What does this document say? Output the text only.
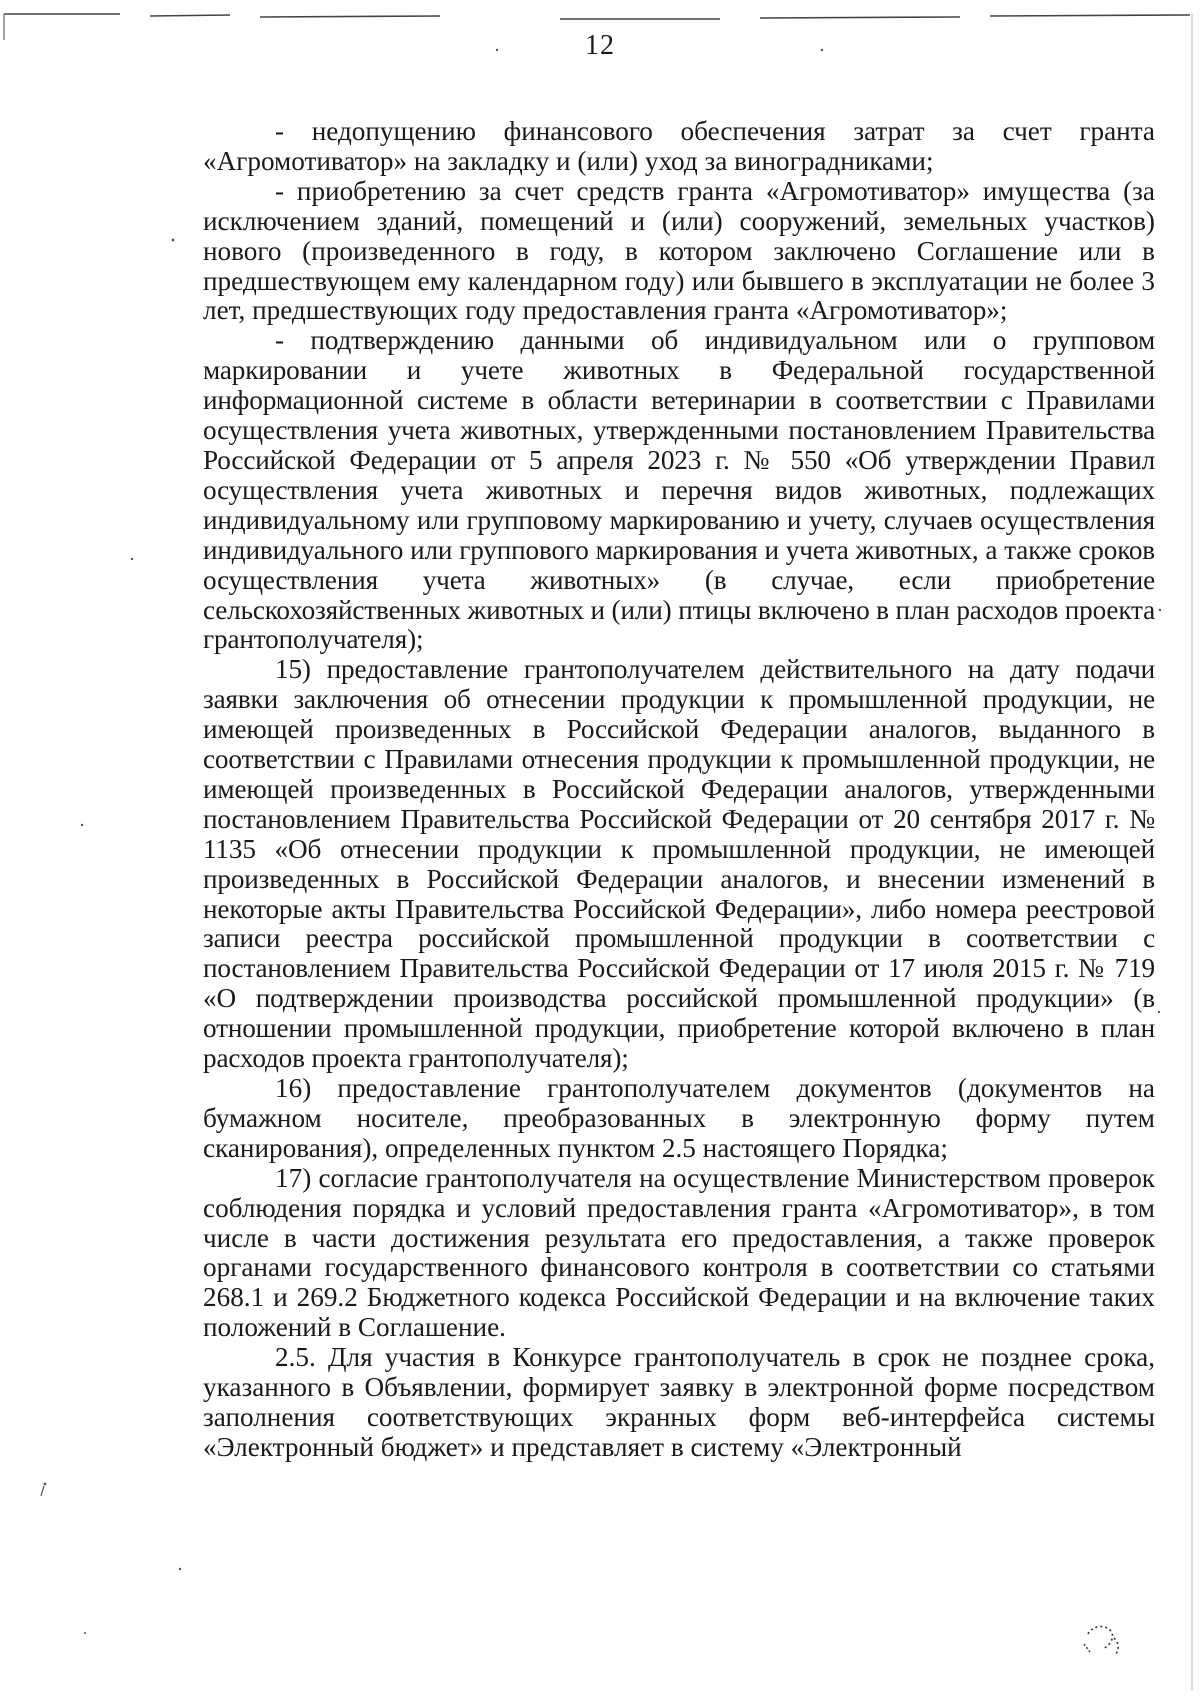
12

- недопущению финансового обеспечения затрат за счет гранта «Агромотиватор» на закладку и (или) уход за виноградниками;

- приобретению за счет средств гранта «Агромотиватор» имущества (за исключением зданий, помещений и (или) сооружений, земельных участков) нового (произведенного в году, в котором заключено Соглашение или в предшествующем ему календарном году) или бывшего в эксплуатации не более 3 лет, предшествующих году предоставления гранта «Агромотиватор»;

- подтверждению данными об индивидуальном или о групповом маркировании и учете животных в Федеральной государственной информационной системе в области ветеринарии в соответствии с Правилами осуществления учета животных, утвержденными постановлением Правительства Российской Федерации от 5 апреля 2023 г. № 550 «Об утверждении Правил осуществления учета животных и перечня видов животных, подлежащих индивидуальному или групповому маркированию и учету, случаев осуществления индивидуального или группового маркирования и учета животных, а также сроков осуществления учета животных» (в случае, если приобретение сельскохозяйственных животных и (или) птицы включено в план расходов проекта грантополучателя);

15) предоставление грантополучателем действительного на дату подачи заявки заключения об отнесении продукции к промышленной продукции, не имеющей произведенных в Российской Федерации аналогов, выданного в соответствии с Правилами отнесения продукции к промышленной продукции, не имеющей произведенных в Российской Федерации аналогов, утвержденными постановлением Правительства Российской Федерации от 20 сентября 2017 г. № 1135 «Об отнесении продукции к промышленной продукции, не имеющей произведенных в Российской Федерации аналогов, и внесении изменений в некоторые акты Правительства Российской Федерации», либо номера реестровой записи реестра российской промышленной продукции в соответствии с постановлением Правительства Российской Федерации от 17 июля 2015 г. № 719 «О подтверждении производства российской промышленной продукции» (в отношении промышленной продукции, приобретение которой включено в план расходов проекта грантополучателя);

16) предоставление грантополучателем документов (документов на бумажном носителе, преобразованных в электронную форму путем сканирования), определенных пунктом 2.5 настоящего Порядка;

17) согласие грантополучателя на осуществление Министерством проверок соблюдения порядка и условий предоставления гранта «Агромотиватор», в том числе в части достижения результата его предоставления, а также проверок органами государственного финансового контроля в соответствии со статьями 268.1 и 269.2 Бюджетного кодекса Российской Федерации и на включение таких положений в Соглашение.

2.5. Для участия в Конкурсе грантополучатель в срок не позднее срока, указанного в Объявлении, формирует заявку в электронной форме посредством заполнения соответствующих экранных форм веб-интерфейса системы «Электронный бюджет» и представляет в систему «Электронный
